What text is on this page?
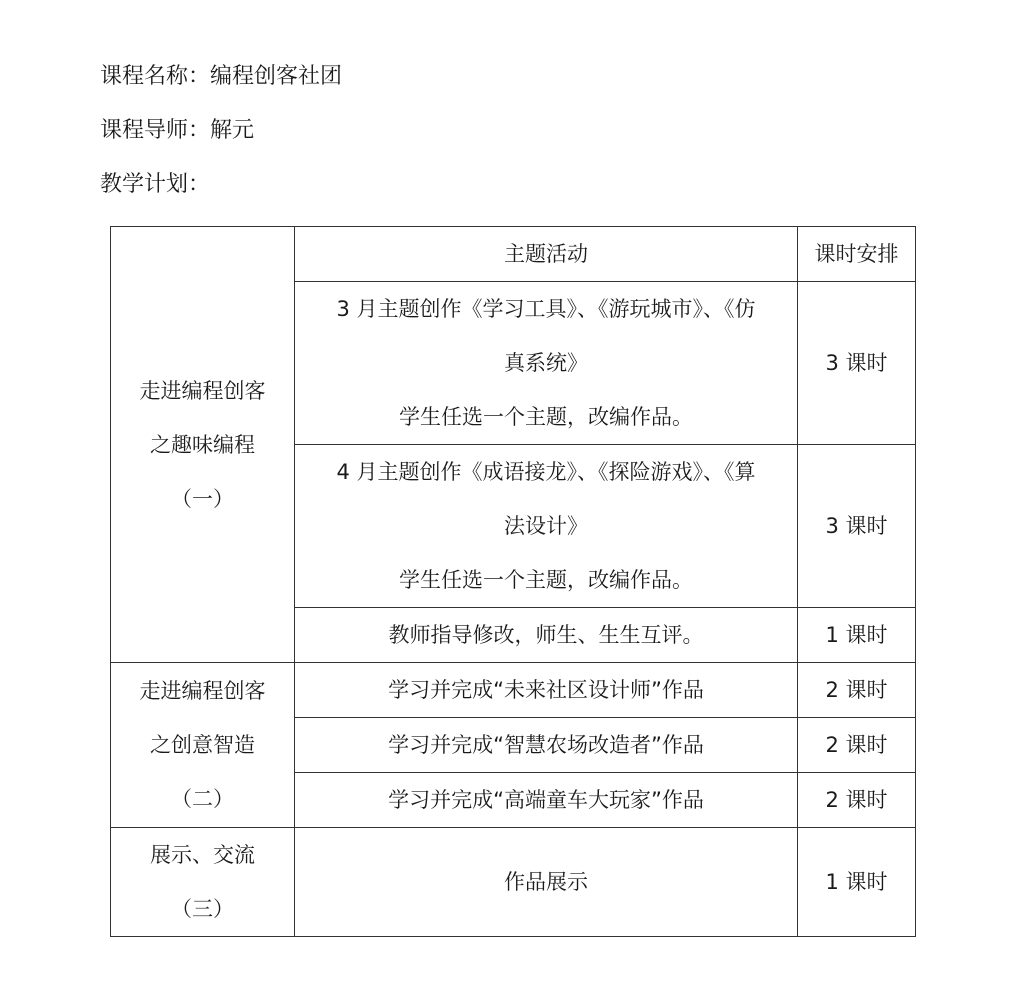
课程名称：编程创客社团
课程导师：解元
教学计划：
走进编程创客
之趣味编程
（一）	主题活动	课时安排

	3 月主题创作《学习工具》、《游玩城市》、《仿
真系统》
学生任选一个主题，改编作品。	3 课时

	4 月主题创作《成语接龙》、《探险游戏》、《算
法设计》
学生任选一个主题，改编作品。	3 课时
	教师指导修改，师生、生生互评。	1 课时

走进编程创客
之创意智造
（二）	学习并完成“未来社区设计师”作品	2 课时
	学习并完成“智慧农场改造者”作品	2 课时
	学习并完成“高端童车大玩家”作品	2 课时

展示、交流
（三）	作品展示	1 课时
